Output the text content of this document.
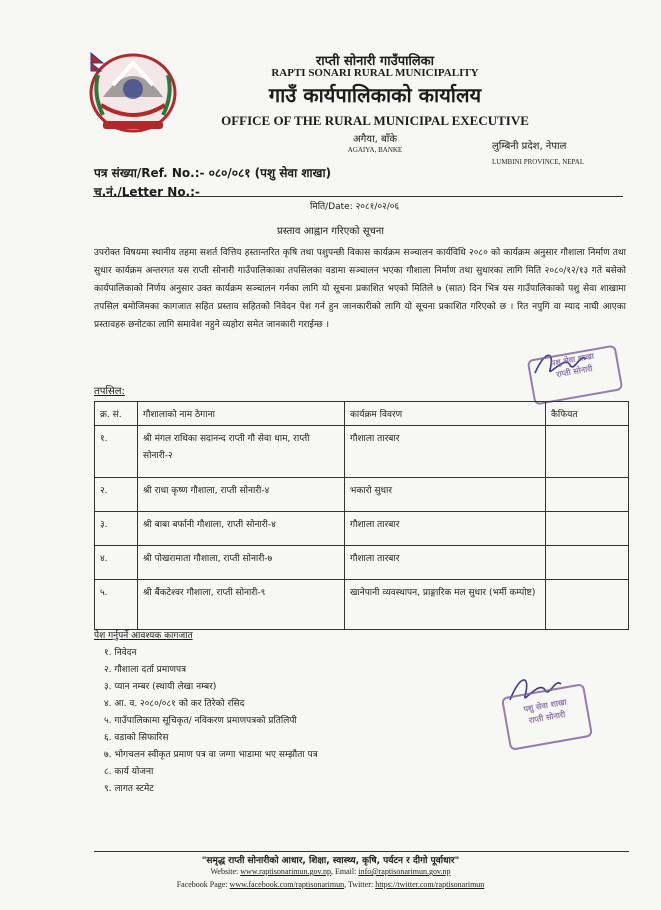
राप्ती सोनारी गाउँपालिका
RAPTI SONARI RURAL MUNICIPALITY
गाउँ कार्यपालिकाको कार्यालय
OFFICE OF THE RURAL MUNICIPAL EXECUTIVE
अगैया, बाँके
AGAIYA, BANKE	लुम्बिनी प्रदेश, नेपाल
LUMBINI PROVINCE, NEPAL
पत्र संख्या/Ref. No.:- ०८०/०८१ (पशु सेवा शाखा)
च.नं./Letter No.:-
मिति/Date: २०८१/०२/०६
प्रस्ताव आह्वान गरिएको सूचना
उपरोक्त विषयमा स्थानीय तहमा सशर्त वित्तिय हस्तान्तरित कृषि तथा पशुपन्छी विकास कार्यक्रम सञ्चालन कार्यविधि २०८० को कार्यक्रम अनुसार गौशाला निर्माण तथा सुधार कार्यक्रम अन्तरगत यस राप्ती सोनारी गाउँपालिकाका तपसिलका वडामा सञ्चालन भएका गौशाला निर्माण तथा सुधारका लागि मिति २०८०/१२/१३ गते बसेको कार्यपालिकाको निर्णय अनुसार उक्त कार्यक्रम सञ्चालन गर्नका लागि यो सूचना प्रकाशित भएको मितिले ७ (सात) दिन भित्र यस गाउँपालिकाको पशु सेवा शाखामा तपसिल बमोजिमका कागजात सहित प्रस्ताव सहितको निवेदन पेश गर्न हुन जानकारीको लागि यो सूचना प्रकाशित गरिएको छ । रित नपुगि वा म्याद नाघी आएका प्रस्तावहरु छनोटका लागि समावेश नहुने व्यहोरा समेत जानकारी गराईन्छ ।
पशु सेवा शाखा
राप्ती सोनारी
तपसिल:
क्र. सं.	गौशालाको नाम ठेगाना	कार्यक्रम विवरण	कैफियत
१.	श्री मंगल राधिका सदानन्द राप्ती गौ सेवा धाम, राप्ती सोनारी-२	गौशाला तारबार	
२.	श्री राधा कृष्ण गौशाला, राप्ती सोनारी-४	भकारो सुधार	
३.	श्री बाबा बर्फानी गौशाला, राप्ती सोनारी-४	गौशाला तारबार	
४.	श्री पोखरामाता गौशाला, राप्ती सोनारी-७	गौशाला तारबार	
५.	श्री बैंकटेश्वर गौशाला, राप्ती सोनारी-९	खानेपानी व्यवस्थापन, प्राङ्गारिक मल सुधार (भर्मी कम्पोष्ट)	
पेश गर्नुपर्ने आवश्यक कागजात
१. निवेदन
२. गौशाला दर्ता प्रमाणपत्र
३. प्यान नम्बर (स्थायी लेखा नम्बर)
४. आ. व. २०८०/०८१ को कर तिरेको रसिद
५. गाउँपालिकामा सूचिकृत/ नविकरण प्रमाणपत्रको प्रतिलिपी
६. वडाको सिफारिस
७. भोगचलन स्वीकृत प्रमाण पत्र वा जग्गा भाडामा भए सम्झौता पत्र
८. कार्य योजना
९. लागत स्टमेट
पशु सेवा शाखा
राप्ती सोनारी
"समृद्ध राप्ती सोनारीको आधार, शिक्षा, स्वास्थ्य, कृषि, पर्यटन र दीगो पूर्वाधार"
Website: www.raptisonarimun.gov.np, Email: info@raptisonarimun.gov.np
Facebook Page: www.facebook.com/raptisonarimun, Twitter: https://twitter.com/raptisonarimun
